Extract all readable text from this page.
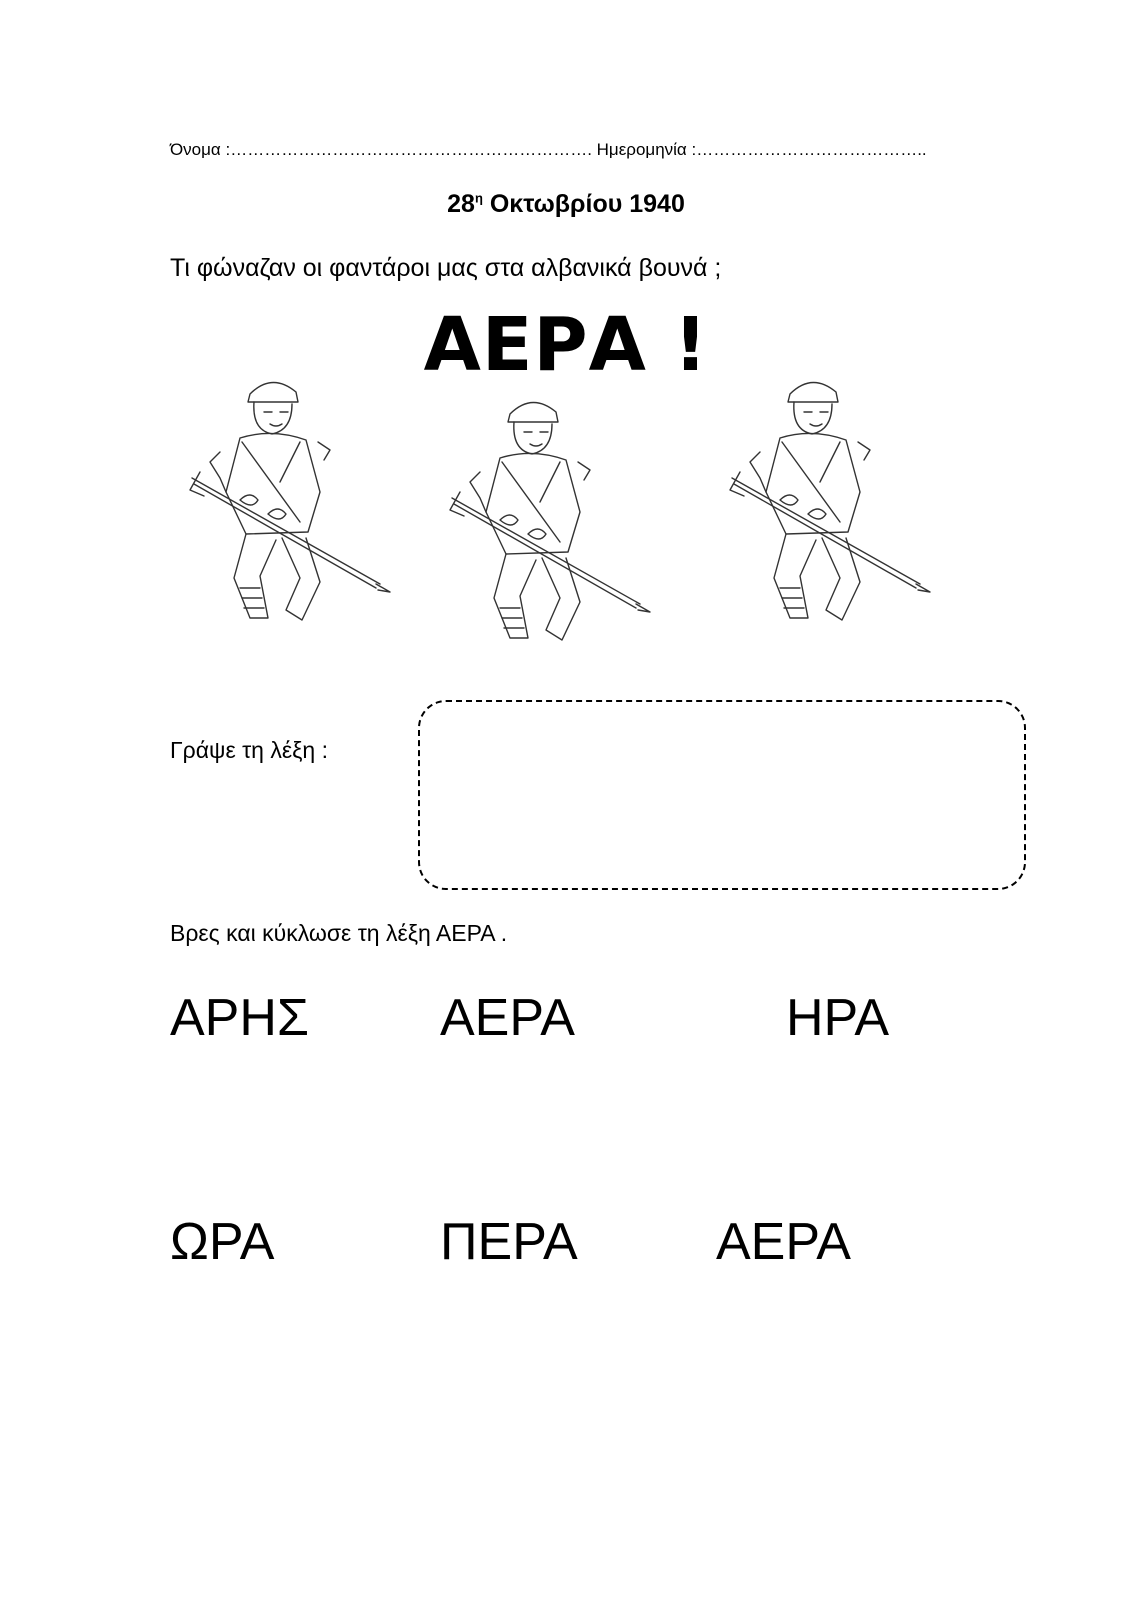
Όνομα :………………………………………………………. Ημερομηνία :…………………………………..
$28^\eta$ Οκτωβρίου 1940
Τι φώναζαν οι φαντάροι μας στα αλβανικά βουνά ;
ΑΕΡΑ !
Γράψε τη λέξη :
Βρες και κύκλωσε τη λέξη ΑΕΡΑ .
ΑΡΗΣ	ΑΕΡΑ	ΗΡΑ
ΩΡΑ	ΠΕΡΑ	ΑΕΡΑ
